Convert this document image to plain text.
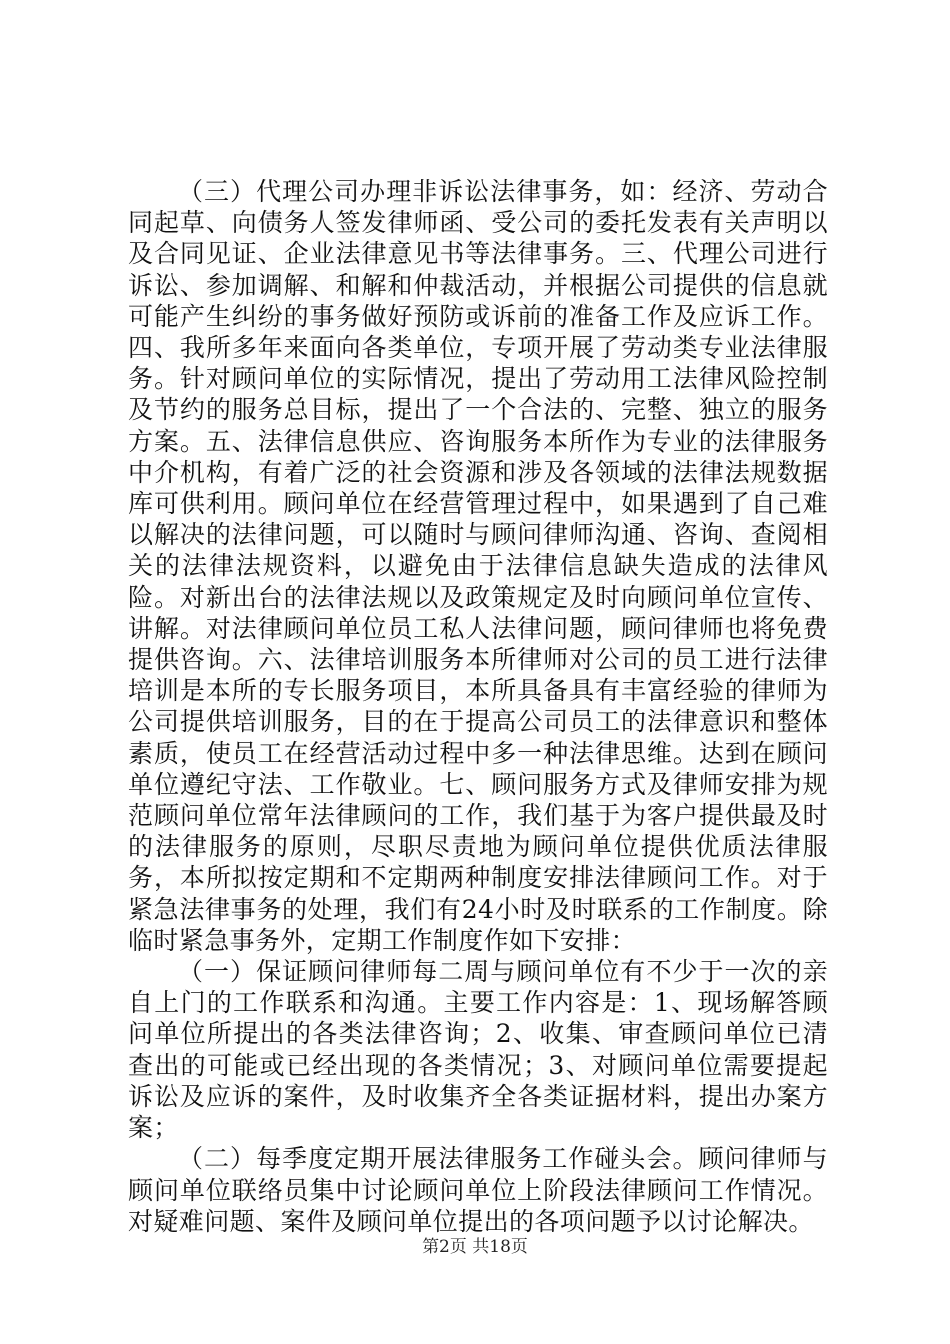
（三）代理公司办理非诉讼法律事务，如：经济、劳动合同起草、向债务人签发律师函、受公司的委托发表有关声明以及合同见证、企业法律意见书等法律事务。三、代理公司进行诉讼、参加调解、和解和仲裁活动，并根据公司提供的信息就可能产生纠纷的事务做好预防或诉前的准备工作及应诉工作。四、我所多年来面向各类单位，专项开展了劳动类专业法律服务。针对顾问单位的实际情况，提出了劳动用工法律风险控制及节约的服务总目标，提出了一个合法的、完整、独立的服务方案。五、法律信息供应、咨询服务本所作为专业的法律服务中介机构，有着广泛的社会资源和涉及各领域的法律法规数据库可供利用。顾问单位在经营管理过程中，如果遇到了自己难以解决的法律问题，可以随时与顾问律师沟通、咨询、查阅相关的法律法规资料，以避免由于法律信息缺失造成的法律风险。对新出台的法律法规以及政策规定及时向顾问单位宣传、讲解。对法律顾问单位员工私人法律问题，顾问律师也将免费提供咨询。六、法律培训服务本所律师对公司的员工进行法律培训是本所的专长服务项目，本所具备具有丰富经验的律师为公司提供培训服务，目的在于提高公司员工的法律意识和整体素质，使员工在经营活动过程中多一种法律思维。达到在顾问单位遵纪守法、工作敬业。七、顾问服务方式及律师安排为规范顾问单位常年法律顾问的工作，我们基于为客户提供最及时的法律服务的原则，尽职尽责地为顾问单位提供优质法律服务，本所拟按定期和不定期两种制度安排法律顾问工作。对于紧急法律事务的处理，我们有24小时及时联系的工作制度。除临时紧急事务外，定期工作制度作如下安排：

（一）保证顾问律师每二周与顾问单位有不少于一次的亲自上门的工作联系和沟通。主要工作内容是：1、现场解答顾问单位所提出的各类法律咨询；2、收集、审查顾问单位已清查出的可能或已经出现的各类情况；3、对顾问单位需要提起诉讼及应诉的案件，及时收集齐全各类证据材料，提出办案方案；

（二）每季度定期开展法律服务工作碰头会。顾问律师与顾问单位联络员集中讨论顾问单位上阶段法律顾问工作情况。对疑难问题、案件及顾问单位提出的各项问题予以讨论解决。

第2页 共18页
